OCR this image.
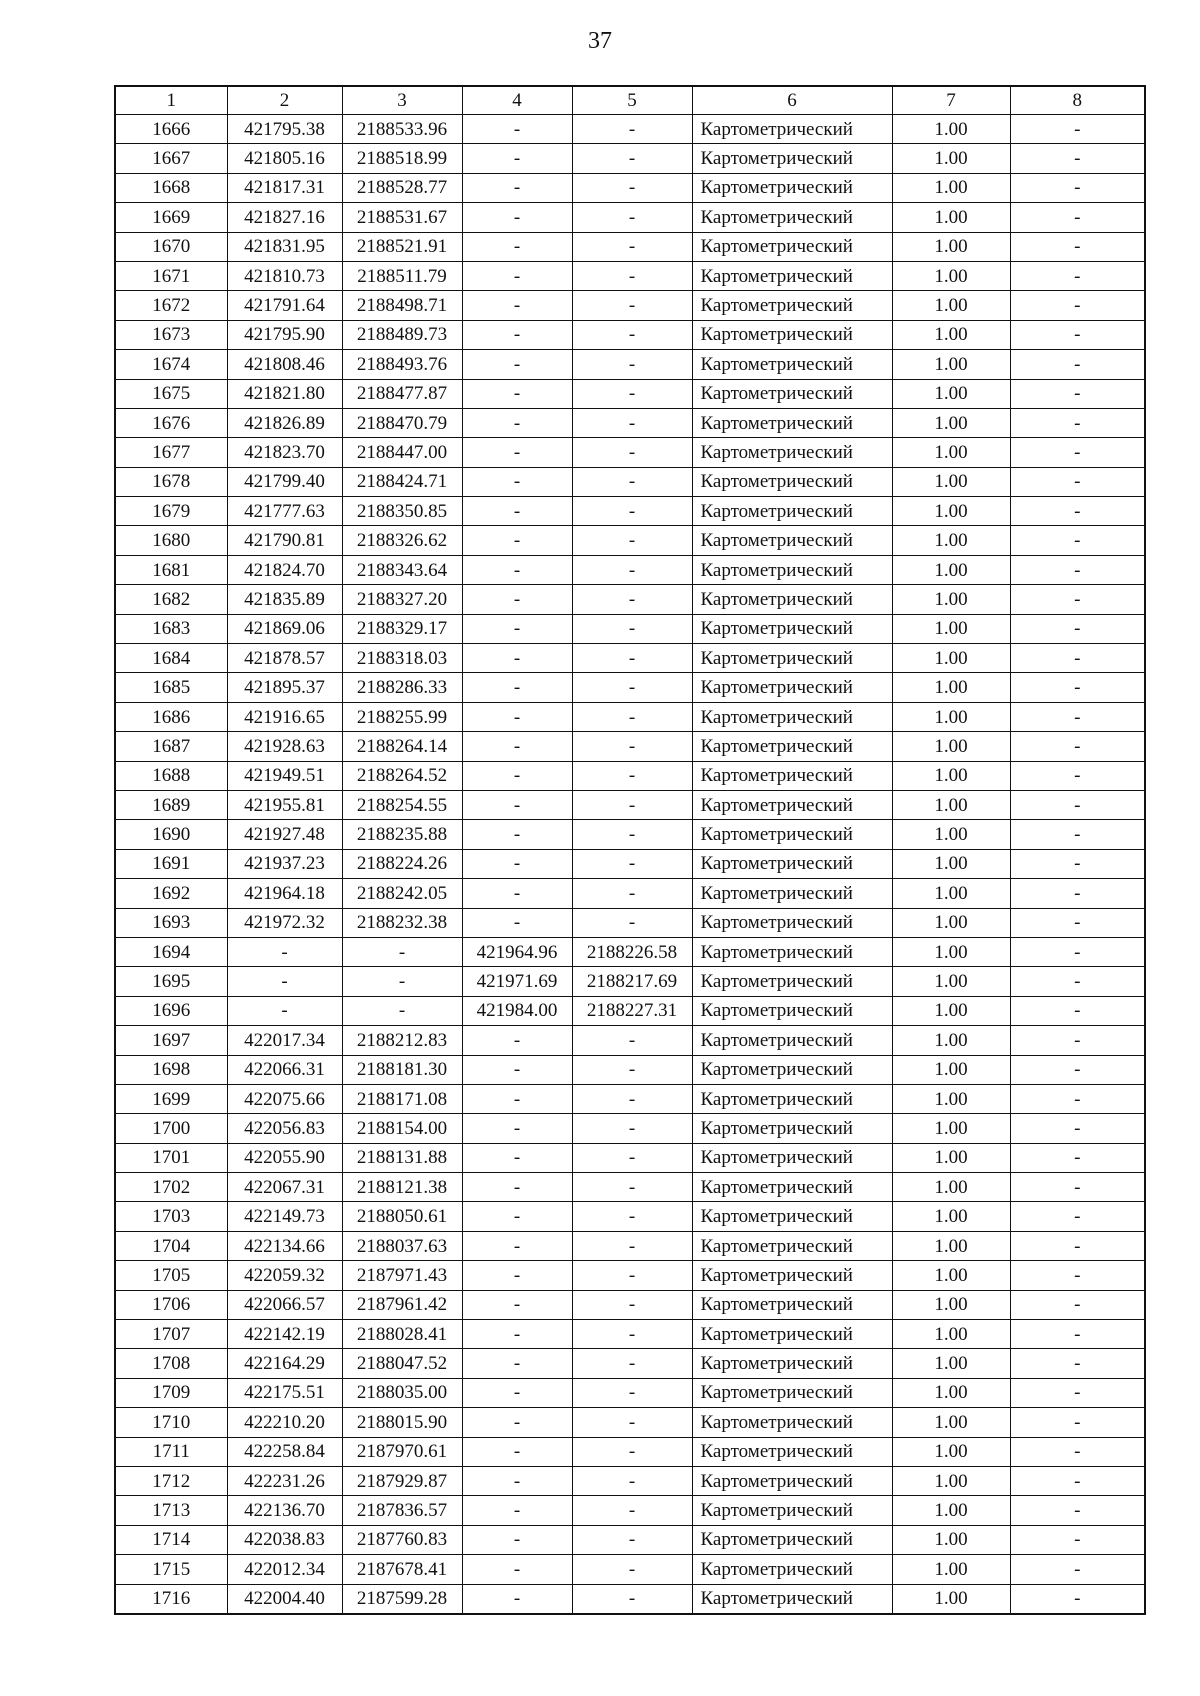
37
1	2	3	4	5	6	7	8
1666	421795.38	2188533.96	-	-	Картометрический	1.00	-
1667	421805.16	2188518.99	-	-	Картометрический	1.00	-
1668	421817.31	2188528.77	-	-	Картометрический	1.00	-
1669	421827.16	2188531.67	-	-	Картометрический	1.00	-
1670	421831.95	2188521.91	-	-	Картометрический	1.00	-
1671	421810.73	2188511.79	-	-	Картометрический	1.00	-
1672	421791.64	2188498.71	-	-	Картометрический	1.00	-
1673	421795.90	2188489.73	-	-	Картометрический	1.00	-
1674	421808.46	2188493.76	-	-	Картометрический	1.00	-
1675	421821.80	2188477.87	-	-	Картометрический	1.00	-
1676	421826.89	2188470.79	-	-	Картометрический	1.00	-
1677	421823.70	2188447.00	-	-	Картометрический	1.00	-
1678	421799.40	2188424.71	-	-	Картометрический	1.00	-
1679	421777.63	2188350.85	-	-	Картометрический	1.00	-
1680	421790.81	2188326.62	-	-	Картометрический	1.00	-
1681	421824.70	2188343.64	-	-	Картометрический	1.00	-
1682	421835.89	2188327.20	-	-	Картометрический	1.00	-
1683	421869.06	2188329.17	-	-	Картометрический	1.00	-
1684	421878.57	2188318.03	-	-	Картометрический	1.00	-
1685	421895.37	2188286.33	-	-	Картометрический	1.00	-
1686	421916.65	2188255.99	-	-	Картометрический	1.00	-
1687	421928.63	2188264.14	-	-	Картометрический	1.00	-
1688	421949.51	2188264.52	-	-	Картометрический	1.00	-
1689	421955.81	2188254.55	-	-	Картометрический	1.00	-
1690	421927.48	2188235.88	-	-	Картометрический	1.00	-
1691	421937.23	2188224.26	-	-	Картометрический	1.00	-
1692	421964.18	2188242.05	-	-	Картометрический	1.00	-
1693	421972.32	2188232.38	-	-	Картометрический	1.00	-
1694	-	-	421964.96	2188226.58	Картометрический	1.00	-
1695	-	-	421971.69	2188217.69	Картометрический	1.00	-
1696	-	-	421984.00	2188227.31	Картометрический	1.00	-
1697	422017.34	2188212.83	-	-	Картометрический	1.00	-
1698	422066.31	2188181.30	-	-	Картометрический	1.00	-
1699	422075.66	2188171.08	-	-	Картометрический	1.00	-
1700	422056.83	2188154.00	-	-	Картометрический	1.00	-
1701	422055.90	2188131.88	-	-	Картометрический	1.00	-
1702	422067.31	2188121.38	-	-	Картометрический	1.00	-
1703	422149.73	2188050.61	-	-	Картометрический	1.00	-
1704	422134.66	2188037.63	-	-	Картометрический	1.00	-
1705	422059.32	2187971.43	-	-	Картометрический	1.00	-
1706	422066.57	2187961.42	-	-	Картометрический	1.00	-
1707	422142.19	2188028.41	-	-	Картометрический	1.00	-
1708	422164.29	2188047.52	-	-	Картометрический	1.00	-
1709	422175.51	2188035.00	-	-	Картометрический	1.00	-
1710	422210.20	2188015.90	-	-	Картометрический	1.00	-
1711	422258.84	2187970.61	-	-	Картометрический	1.00	-
1712	422231.26	2187929.87	-	-	Картометрический	1.00	-
1713	422136.70	2187836.57	-	-	Картометрический	1.00	-
1714	422038.83	2187760.83	-	-	Картометрический	1.00	-
1715	422012.34	2187678.41	-	-	Картометрический	1.00	-
1716	422004.40	2187599.28	-	-	Картометрический	1.00	-
